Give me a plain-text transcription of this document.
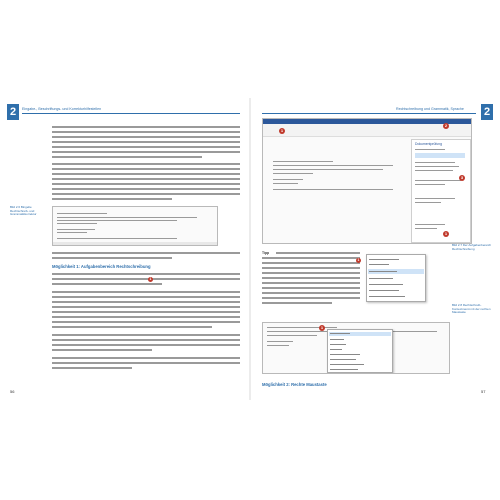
2	Eingabe-, Beschriftungs- und Korrekturhilfestellen
Bild 2.6 Bingelte Rechtschreib- und Grammatikkorrektur
Möglichkeit 1: Aufgabenbereich Rechtschreibung
1
56
Rechtschreibung und Grammatik, Sprache 2
1
Dokumentprüfung
2
3
1
Bild 2.7 Der Aufgabenbereich Rechtschreibung
Tipp
1
Bild 2.8 Rechtschreib-Kontextmenü mit der rechten Maustaste
1
Möglichkeit 2: Rechte Maustaste
57
